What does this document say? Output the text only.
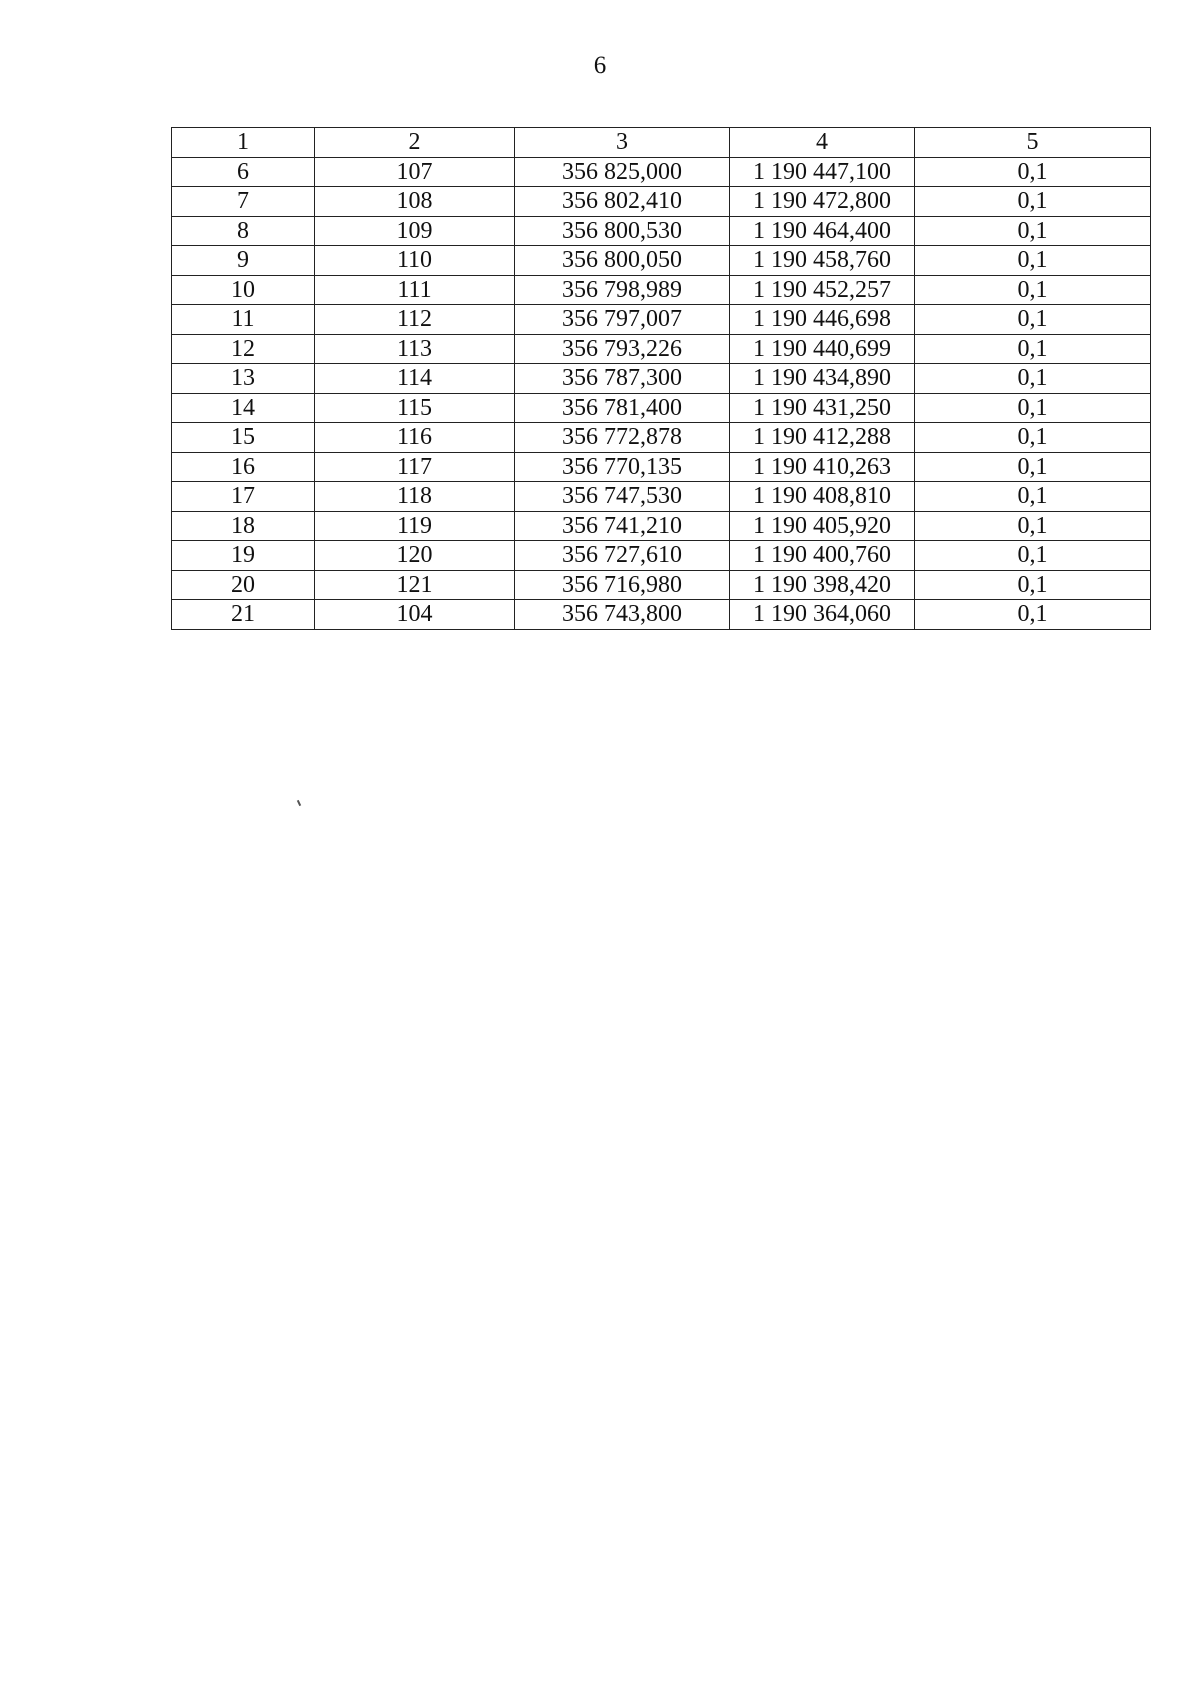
6
1	2	3	4	5
6	107	356 825,000	1 190 447,100	0,1
7	108	356 802,410	1 190 472,800	0,1
8	109	356 800,530	1 190 464,400	0,1
9	110	356 800,050	1 190 458,760	0,1
10	111	356 798,989	1 190 452,257	0,1
11	112	356 797,007	1 190 446,698	0,1
12	113	356 793,226	1 190 440,699	0,1
13	114	356 787,300	1 190 434,890	0,1
14	115	356 781,400	1 190 431,250	0,1
15	116	356 772,878	1 190 412,288	0,1
16	117	356 770,135	1 190 410,263	0,1
17	118	356 747,530	1 190 408,810	0,1
18	119	356 741,210	1 190 405,920	0,1
19	120	356 727,610	1 190 400,760	0,1
20	121	356 716,980	1 190 398,420	0,1
21	104	356 743,800	1 190 364,060	0,1
